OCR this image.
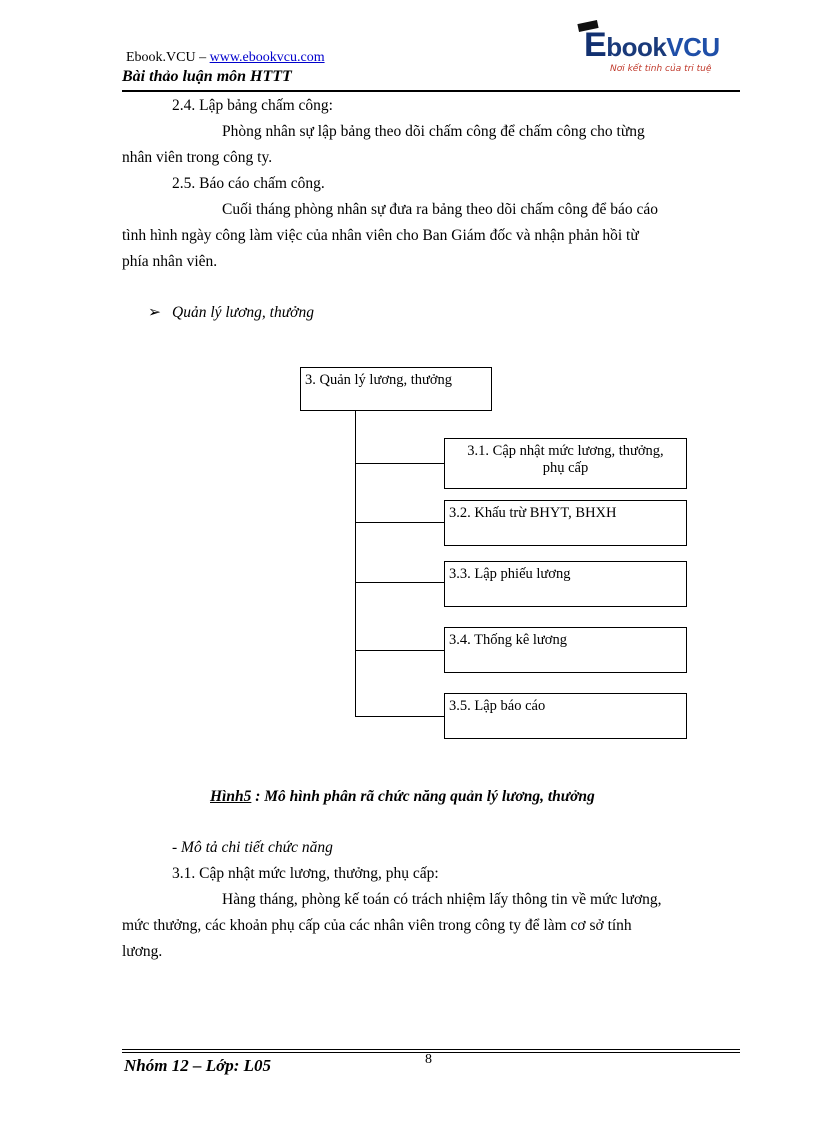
Ebook.VCU – www.ebookvcu.com
Bài thảo luận môn HTTT
EbookVCU
Nơi kết tinh của tri tuệ
2.4. Lập bảng chấm công:
Phòng nhân sự lập bảng theo dõi chấm công để chấm công cho từng
nhân viên trong công ty.
2.5. Báo cáo chấm công.
Cuối tháng phòng nhân sự đưa ra bảng theo dõi chấm công để báo cáo
tình hình ngày công làm việc của nhân viên cho Ban Giám đốc và nhận phản hồi từ
phía nhân viên.
➢ Quản lý lương, thưởng
3. Quản lý lương, thưởng
3.1. Cập nhật mức lương, thưởng,
phụ cấp
3.2. Khấu trừ BHYT, BHXH
3.3. Lập phiếu lương
3.4. Thống kê lương
3.5. Lập báo cáo
Hình5 : Mô hình phân rã chức năng quản lý lương, thưởng
- Mô tả chi tiết chức năng
3.1. Cập nhật mức lương, thưởng, phụ cấp:
Hàng tháng, phòng kế toán có trách nhiệm lấy thông tin về mức lương,
mức thưởng, các khoản phụ cấp của các nhân viên trong công ty để làm cơ sở tính
lương.
Nhóm 12 – Lớp: L05	8
